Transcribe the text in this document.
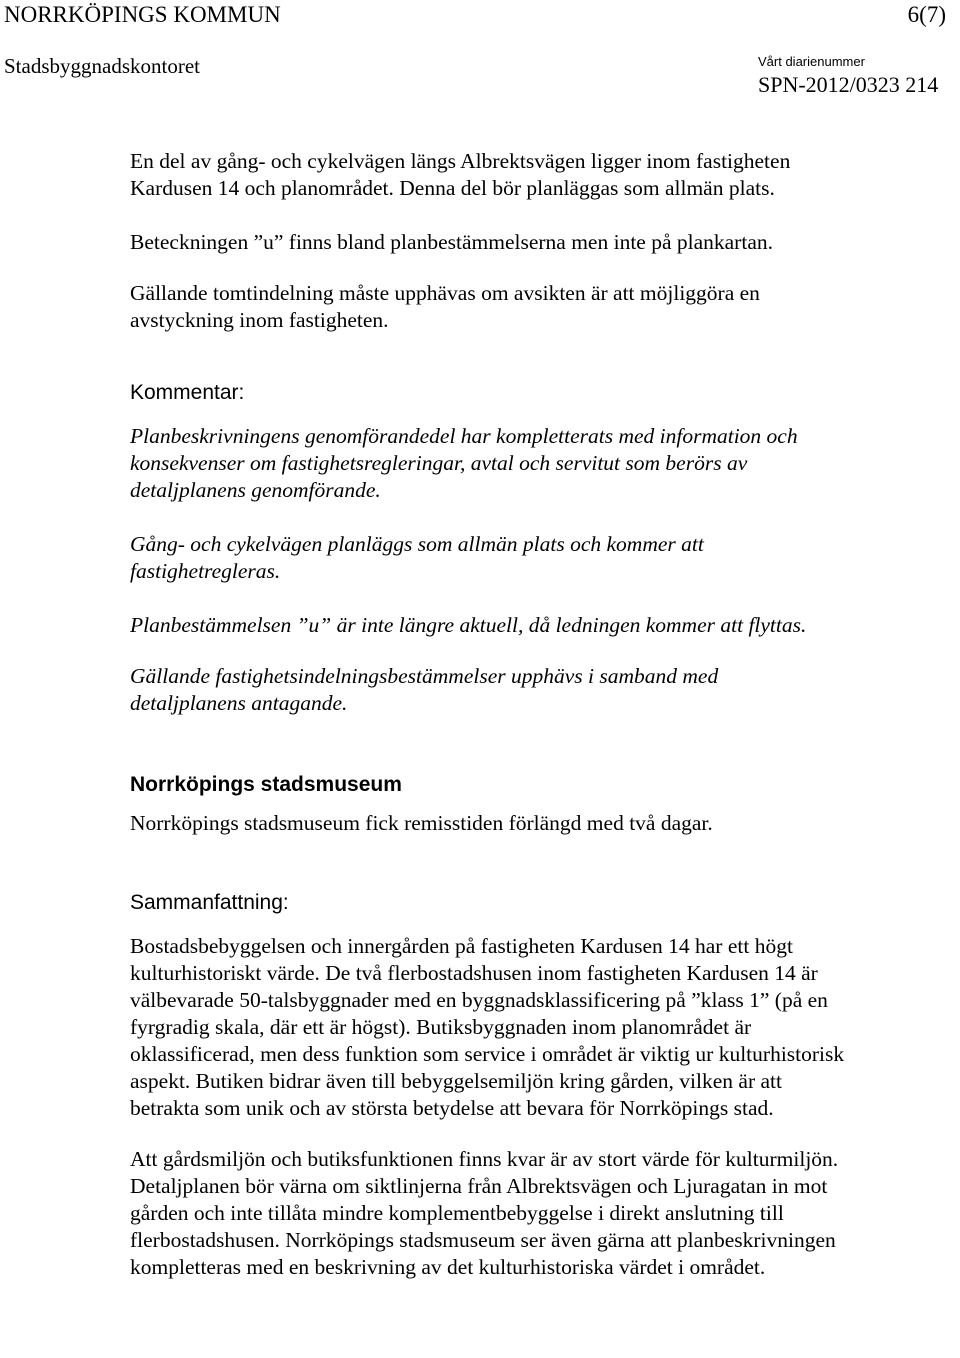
NORRKÖPINGS KOMMUN	6(7)
Stadsbyggnadskontoret	Vårt diarienummer
SPN-2012/0323 214

En del av gång- och cykelvägen längs Albrektsvägen ligger inom fastigheten Kardusen 14 och planområdet. Denna del bör planläggas som allmän plats.

Beteckningen ”u” finns bland planbestämmelserna men inte på plankartan.

Gällande tomtindelning måste upphävas om avsikten är att möjliggöra en avstyckning inom fastigheten.

Kommentar:

Planbeskrivningens genomförandedel har kompletterats med information och konsekvenser om fastighetsregleringar, avtal och servitut som berörs av detaljplanens genomförande.

Gång- och cykelvägen planläggs som allmän plats och kommer att fastighetregleras.

Planbestämmelsen ”u” är inte längre aktuell, då ledningen kommer att flyttas.

Gällande fastighetsindelningsbestämmelser upphävs i samband med detaljplanens antagande.

Norrköpings stadsmuseum

Norrköpings stadsmuseum fick remisstiden förlängd med två dagar.

Sammanfattning:

Bostadsbebyggelsen och innergården på fastigheten Kardusen 14 har ett högt kulturhistoriskt värde. De två flerbostadshusen inom fastigheten Kardusen 14 är välbevarade 50-talsbyggnader med en byggnadsklassificering på ”klass 1” (på en fyrgradig skala, där ett är högst). Butiksbyggnaden inom planområdet är oklassificerad, men dess funktion som service i området är viktig ur kulturhistorisk aspekt. Butiken bidrar även till bebyggelsemiljön kring gården, vilken är att betrakta som unik och av största betydelse att bevara för Norrköpings stad.

Att gårdsmiljön och butiksfunktionen finns kvar är av stort värde för kulturmiljön. Detaljplanen bör värna om siktlinjerna från Albrektsvägen och Ljuragatan in mot gården och inte tillåta mindre komplementbebyggelse i direkt anslutning till flerbostadshusen. Norrköpings stadsmuseum ser även gärna att planbeskrivningen kompletteras med en beskrivning av det kulturhistoriska värdet i området.
